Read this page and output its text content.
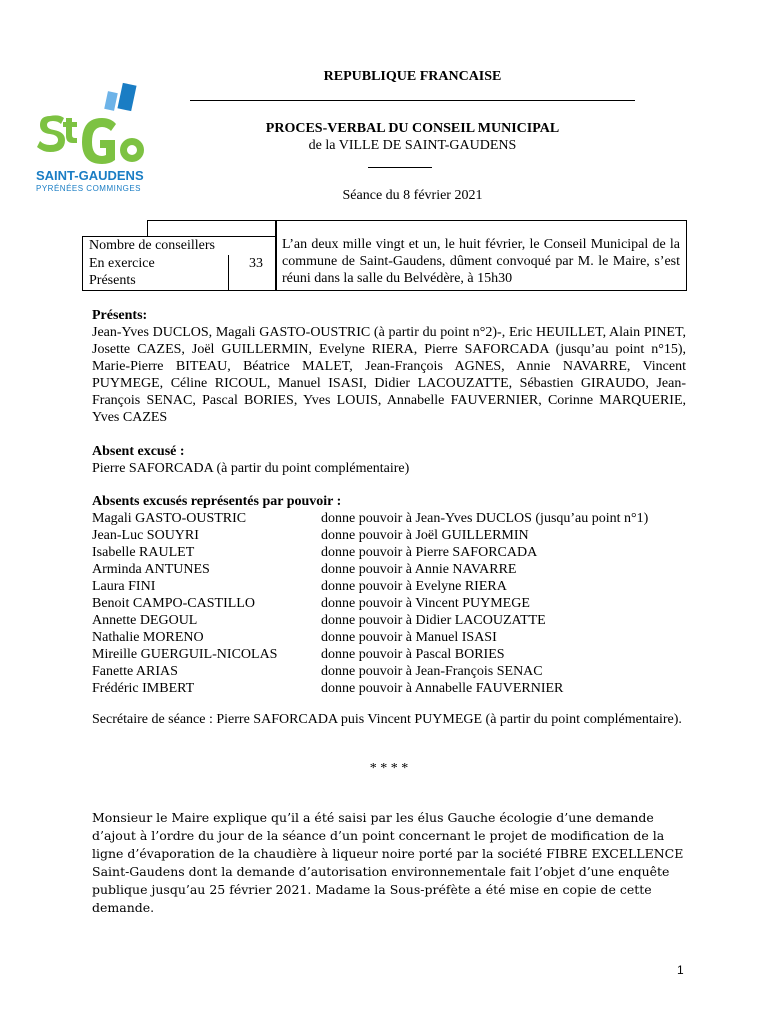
SAINT-GAUDENS
PYRÉNÉES COMMINGES
REPUBLIQUE FRANCAISE
PROCES-VERBAL DU CONSEIL MUNICIPAL
de la VILLE DE SAINT-GAUDENS
Séance du 8 février 2021
Nombre de conseillers
En exercice	33
Présents
L’an deux mille vingt et un, le huit février, le Conseil Municipal de la commune de Saint-Gaudens, dûment convoqué par M. le Maire, s’est réuni dans la salle du Belvédère, à 15h30
Présents:
Jean-Yves DUCLOS, Magali GASTO-OUSTRIC (à partir du point n°2)-, Eric HEUILLET, Alain PINET, Josette CAZES, Joël GUILLERMIN, Evelyne RIERA, Pierre SAFORCADA (jusqu’au point n°15), Marie-Pierre BITEAU, Béatrice MALET, Jean-François AGNES, Annie NAVARRE, Vincent PUYMEGE, Céline RICOUL, Manuel ISASI, Didier LACOUZATTE, Sébastien GIRAUDO, Jean-François SENAC, Pascal BORIES, Yves LOUIS, Annabelle FAUVERNIER, Corinne MARQUERIE, Yves CAZES
Absent excusé :
Pierre SAFORCADA (à partir du point complémentaire)
Absents excusés représentés par pouvoir :
Magali GASTO-OUSTRIC	donne pouvoir à Jean-Yves DUCLOS (jusqu’au point n°1)
Jean-Luc SOUYRI	donne pouvoir à Joël GUILLERMIN
Isabelle RAULET	donne pouvoir à Pierre SAFORCADA
Arminda ANTUNES	donne pouvoir à Annie NAVARRE
Laura FINI	donne pouvoir à Evelyne RIERA
Benoit CAMPO-CASTILLO	donne pouvoir à Vincent PUYMEGE
Annette DEGOUL	donne pouvoir à Didier LACOUZATTE
Nathalie MORENO	donne pouvoir à Manuel ISASI
Mireille GUERGUIL-NICOLAS	donne pouvoir à Pascal BORIES
Fanette ARIAS	donne pouvoir à Jean-François SENAC
Frédéric IMBERT	donne pouvoir à Annabelle FAUVERNIER
Secrétaire de séance : Pierre SAFORCADA puis Vincent PUYMEGE (à partir du point complémentaire).
* * * *
Monsieur le Maire explique qu’il a été saisi par les élus Gauche écologie d’une demande d’ajout à l’ordre du jour de la séance d’un point concernant le projet de modification de la ligne d’évaporation de la chaudière à liqueur noire porté par la société FIBRE EXCELLENCE Saint-Gaudens dont la demande d’autorisation environnementale fait l’objet d’une enquête publique jusqu’au 25 février 2021. Madame la Sous-préfète a été mise en copie de cette demande.
1
